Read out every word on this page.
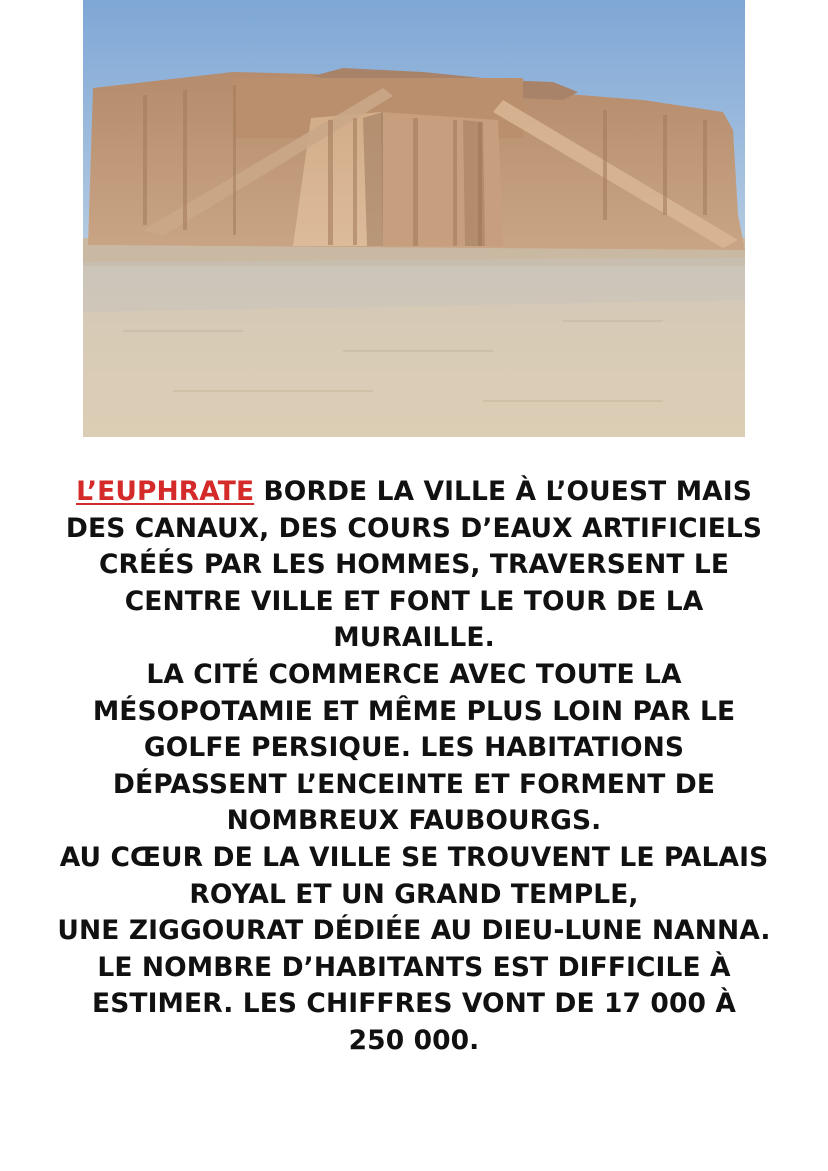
L’EUPHRATE BORDE LA VILLE À L’OUEST MAIS
DES CANAUX, DES COURS D’EAUX ARTIFICIELS
CRÉÉS PAR LES HOMMES, TRAVERSENT LE
CENTRE VILLE ET FONT LE TOUR DE LA
MURAILLE.
LA CITÉ COMMERCE AVEC TOUTE LA
MÉSOPOTAMIE ET MÊME PLUS LOIN PAR LE
GOLFE PERSIQUE. LES HABITATIONS
DÉPASSENT L’ENCEINTE ET FORMENT DE
NOMBREUX FAUBOURGS.
AU CŒUR DE LA VILLE SE TROUVENT LE PALAIS
ROYAL ET UN GRAND TEMPLE,
UNE ZIGGOURAT DÉDIÉE AU DIEU-LUNE NANNA.
LE NOMBRE D’HABITANTS EST DIFFICILE À
ESTIMER. LES CHIFFRES VONT DE 17 000 À
250 000.
